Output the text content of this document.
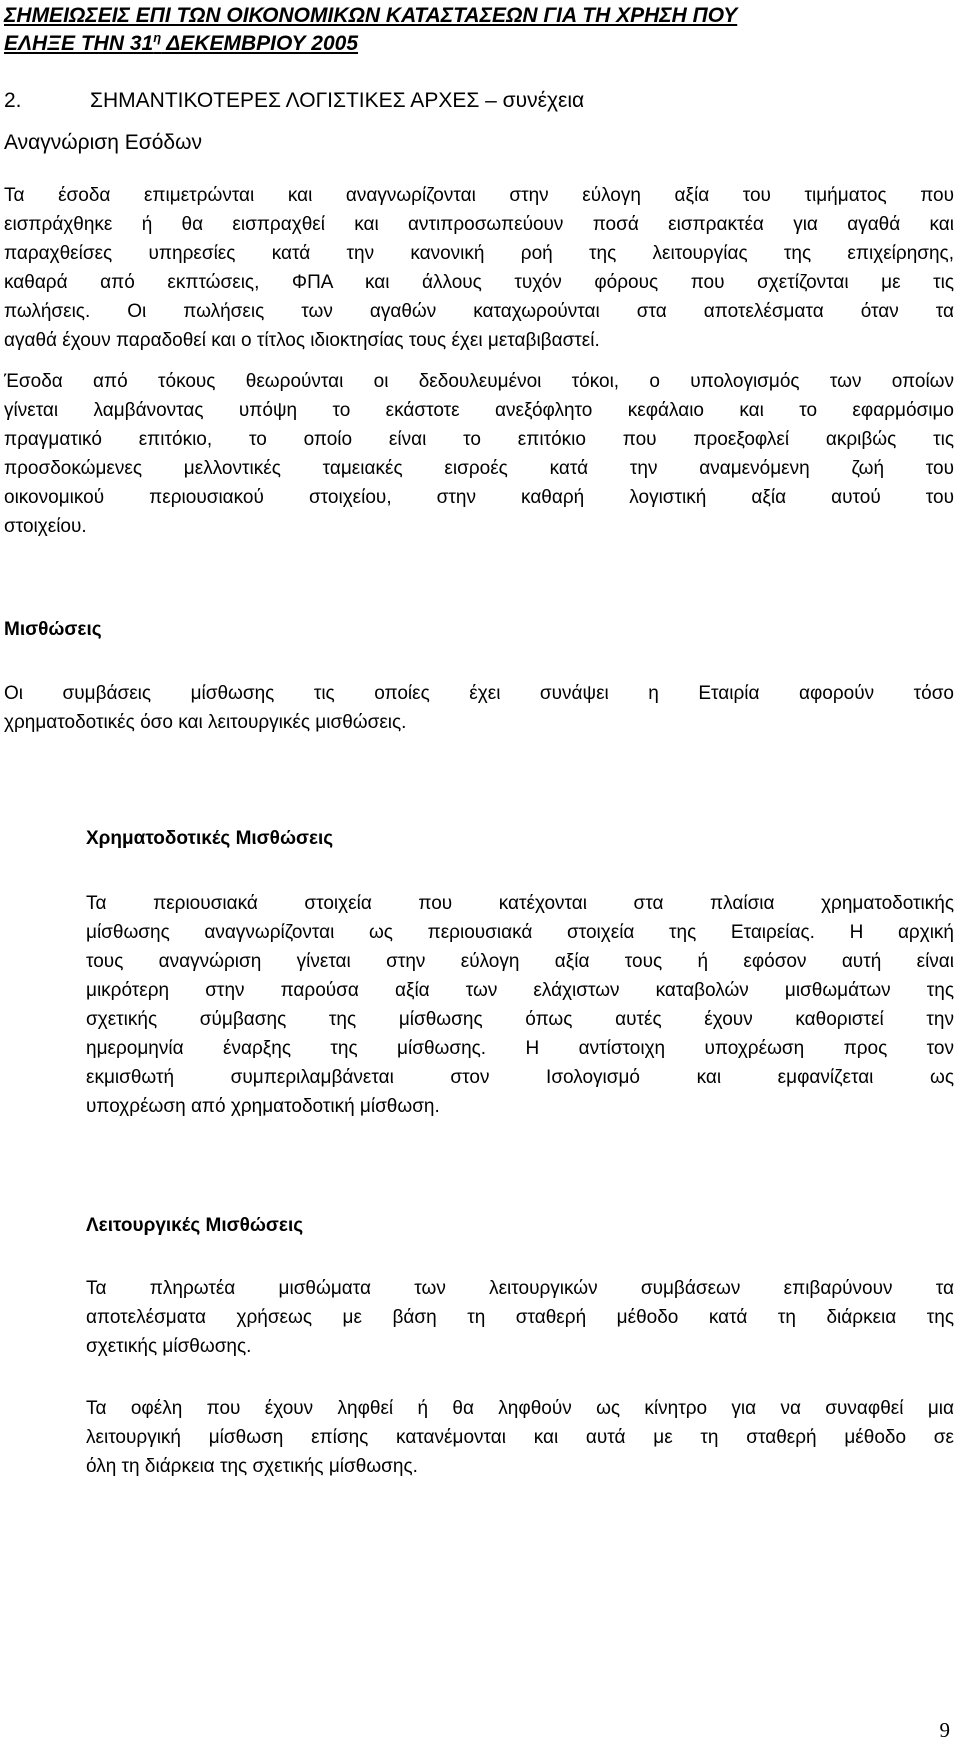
ΣΗΜΕΙΩΣΕΙΣ ΕΠΙ ΤΩΝ ΟΙΚΟΝΟΜΙΚΩΝ ΚΑΤΑΣΤΑΣΕΩΝ ΓΙΑ ΤΗ ΧΡΗΣΗ ΠΟΥ
ΕΛΗΞΕ ΤΗΝ $31^\eta$ ΔΕΚΕΜΒΡΙΟΥ 2005
2.	ΣΗΜΑΝΤΙΚΟΤΕΡΕΣ ΛΟΓΙΣΤΙΚΕΣ ΑΡΧΕΣ – συνέχεια
Αναγνώριση Εσόδων
Τα έσοδα επιμετρώνται και αναγνωρίζονται στην εύλογη αξία του τιμήματος που
εισπράχθηκε ή θα εισπραχθεί και αντιπροσωπεύουν ποσά εισπρακτέα για αγαθά και
παραχθείσες υπηρεσίες κατά την κανονική ροή της λειτουργίας της επιχείρησης,
καθαρά από εκπτώσεις, ΦΠΑ και άλλους τυχόν φόρους που σχετίζονται με τις
πωλήσεις. Οι πωλήσεις των αγαθών καταχωρούνται στα αποτελέσματα όταν τα
αγαθά έχουν παραδοθεί και ο τίτλος ιδιοκτησίας τους έχει μεταβιβαστεί.
Έσοδα από τόκους θεωρούνται οι δεδουλευμένοι τόκοι, ο υπολογισμός των οποίων
γίνεται λαμβάνοντας υπόψη το εκάστοτε ανεξόφλητο κεφάλαιο και το εφαρμόσιμο
πραγματικό επιτόκιο, το οποίο είναι το επιτόκιο που προεξοφλεί ακριβώς τις
προσδοκώμενες μελλοντικές ταμειακές εισροές κατά την αναμενόμενη ζωή του
οικονομικού περιουσιακού στοιχείου, στην καθαρή λογιστική αξία αυτού του
στοιχείου.
Μισθώσεις
Οι συμβάσεις μίσθωσης τις οποίες έχει συνάψει η Εταιρία αφορούν τόσο
χρηματοδοτικές όσο και λειτουργικές μισθώσεις.
Χρηματοδοτικές Μισθώσεις
Τα περιουσιακά στοιχεία που κατέχονται στα πλαίσια χρηματοδοτικής
μίσθωσης αναγνωρίζονται ως περιουσιακά στοιχεία της Εταιρείας. Η αρχική
τους αναγνώριση γίνεται στην εύλογη αξία τους ή εφόσον αυτή είναι
μικρότερη στην παρούσα αξία των ελάχιστων καταβολών μισθωμάτων της
σχετικής σύμβασης της μίσθωσης όπως αυτές έχουν καθοριστεί την
ημερομηνία έναρξης της μίσθωσης. Η αντίστοιχη υποχρέωση προς τον
εκμισθωτή συμπεριλαμβάνεται στον Ισολογισμό και εμφανίζεται ως
υποχρέωση από χρηματοδοτική μίσθωση.
Λειτουργικές Μισθώσεις
Τα πληρωτέα μισθώματα των λειτουργικών συμβάσεων επιβαρύνουν τα
αποτελέσματα χρήσεως με βάση τη σταθερή μέθοδο κατά τη διάρκεια της
σχετικής μίσθωσης.
Τα οφέλη που έχουν ληφθεί ή θα ληφθούν ως κίνητρο για να συναφθεί μια
λειτουργική μίσθωση επίσης κατανέμονται και αυτά με τη σταθερή μέθοδο σε
όλη τη διάρκεια της σχετικής μίσθωσης.
9
